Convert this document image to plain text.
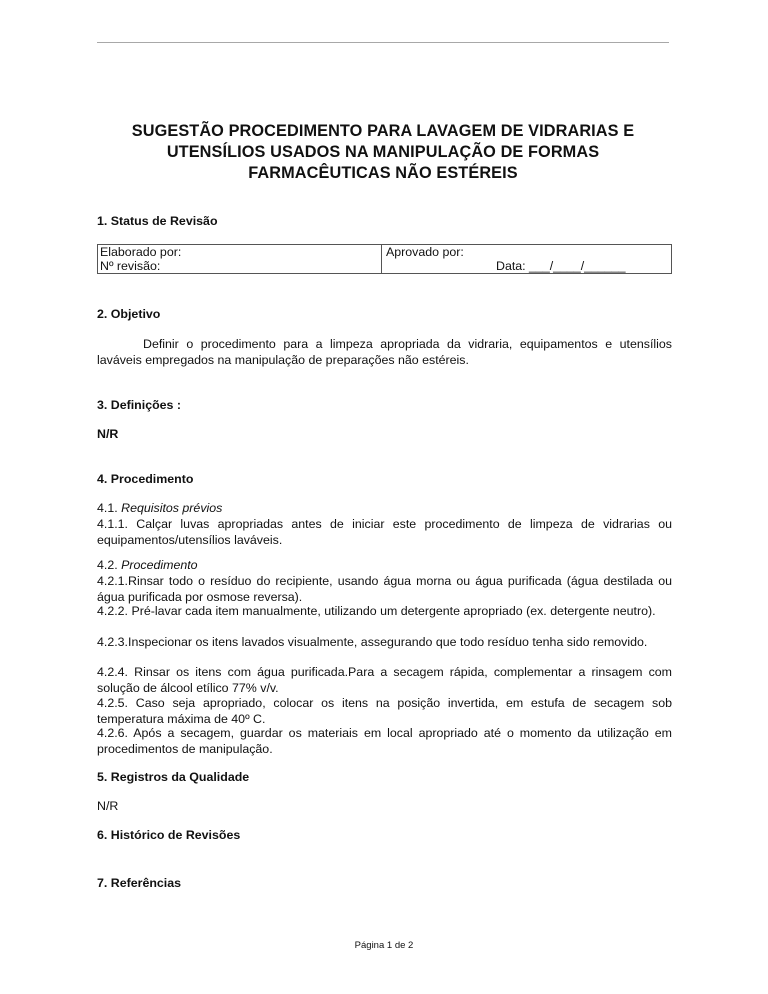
SUGESTÃO PROCEDIMENTO PARA LAVAGEM DE VIDRARIAS E
UTENSÍLIOS USADOS NA MANIPULAÇÃO DE FORMAS
FARMACÊUTICAS NÃO ESTÉREIS
1. Status de Revisão
Elaborado por:
Nº revisão:
Aprovado por:
Data: ___/____/______
2. Objetivo
Definir o procedimento para a limpeza apropriada da vidraria, equipamentos e utensílios laváveis empregados na manipulação de preparações não estéreis.
3. Definições :
N/R
4. Procedimento
4.1. Requisitos prévios
4.1.1. Calçar luvas apropriadas antes de iniciar este procedimento de limpeza de vidrarias ou equipamentos/utensílios laváveis.
4.2. Procedimento
4.2.1.Rinsar todo o resíduo do recipiente, usando água morna ou água purificada (água destilada ou água purificada por osmose reversa).
4.2.2. Pré-lavar cada item manualmente, utilizando um detergente apropriado (ex. detergente neutro).
4.2.3.Inspecionar os itens lavados visualmente, assegurando que todo resíduo tenha sido removido.
4.2.4. Rinsar os itens com água purificada.Para a secagem rápida, complementar a rinsagem com solução de álcool etílico 77% v/v.
4.2.5. Caso seja apropriado, colocar os itens na posição invertida, em estufa de secagem sob temperatura máxima de 40º C.
4.2.6. Após a secagem, guardar os materiais em local apropriado até o momento da utilização em procedimentos de manipulação.
5. Registros da Qualidade
N/R
6. Histórico de Revisões
7. Referências
Página 1 de 2
